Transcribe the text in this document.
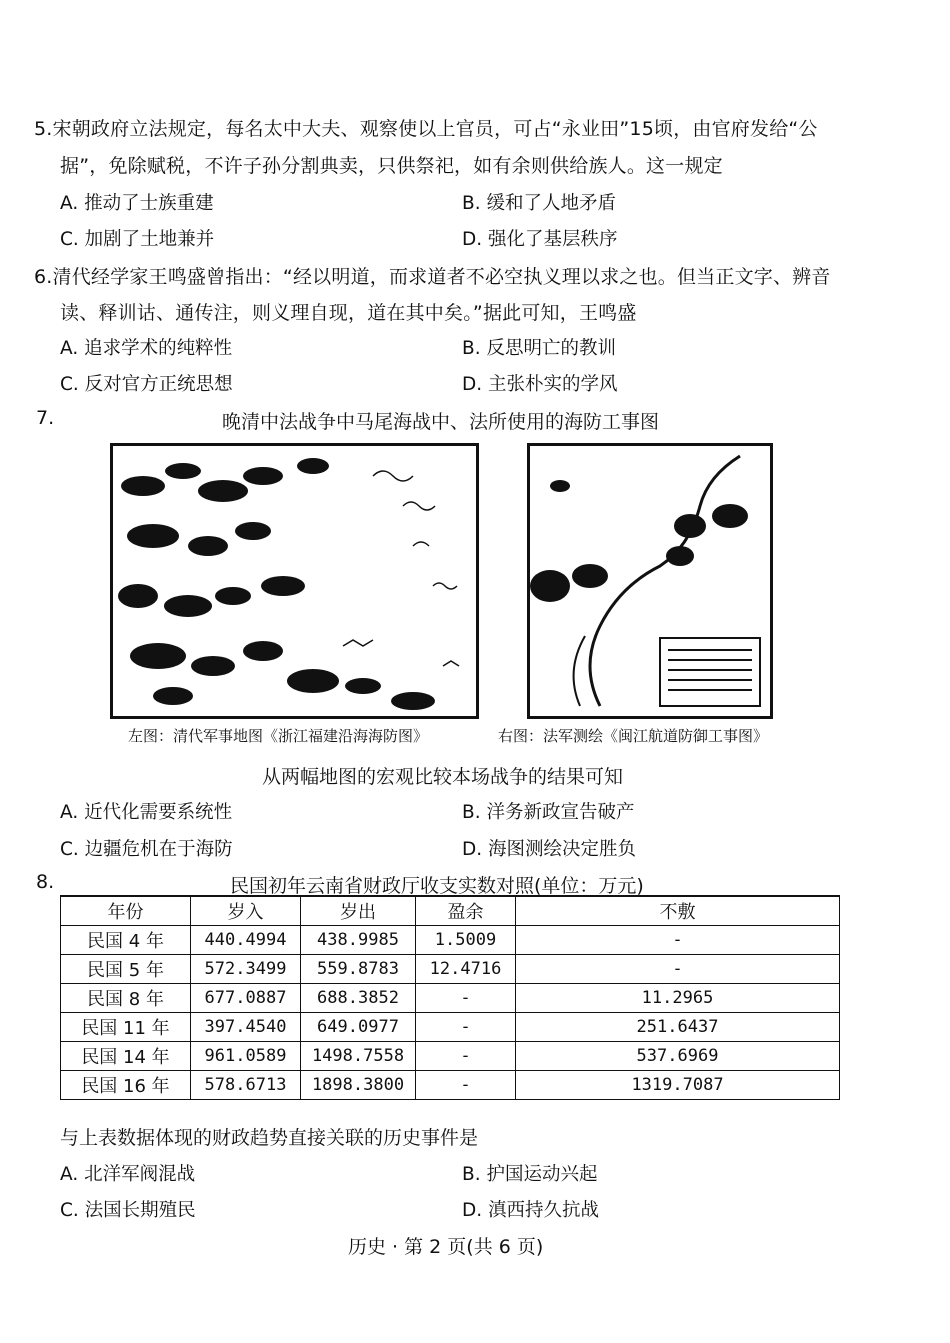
5.宋朝政府立法规定，每名太中大夫、观察使以上官员，可占“永业田”15顷，由官府发给“公
据”，免除赋税，不许子孙分割典卖，只供祭祀，如有余则供给族人。这一规定
A. 推动了士族重建	B. 缓和了人地矛盾
C. 加剧了土地兼并	D. 强化了基层秩序
6.清代经学家王鸣盛曾指出：“经以明道，而求道者不必空执义理以求之也。但当正文字、辨音
读、释训诂、通传注，则义理自现，道在其中矣。”据此可知，王鸣盛
A. 追求学术的纯粹性	B. 反思明亡的教训
C. 反对官方正统思想	D. 主张朴实的学风
7.	晚清中法战争中马尾海战中、法所使用的海防工事图
左图：清代军事地图《浙江福建沿海海防图》	右图：法军测绘《闽江航道防御工事图》
从两幅地图的宏观比较本场战争的结果可知
A. 近代化需要系统性	B. 洋务新政宣告破产
C. 边疆危机在于海防	D. 海图测绘决定胜负
8.	民国初年云南省财政厅收支实数对照(单位：万元)
年份	岁入	岁出	盈余	不敷
民国 4 年	440.4994	438.9985	1.5009	-
民国 5 年	572.3499	559.8783	12.4716	-
民国 8 年	677.0887	688.3852	-	11.2965
民国 11 年	397.4540	649.0977	-	251.6437
民国 14 年	961.0589	1498.7558	-	537.6969
民国 16 年	578.6713	1898.3800	-	1319.7087
与上表数据体现的财政趋势直接关联的历史事件是
A. 北洋军阀混战	B. 护国运动兴起
C. 法国长期殖民	D. 滇西持久抗战
历史 · 第 2 页(共 6 页)
